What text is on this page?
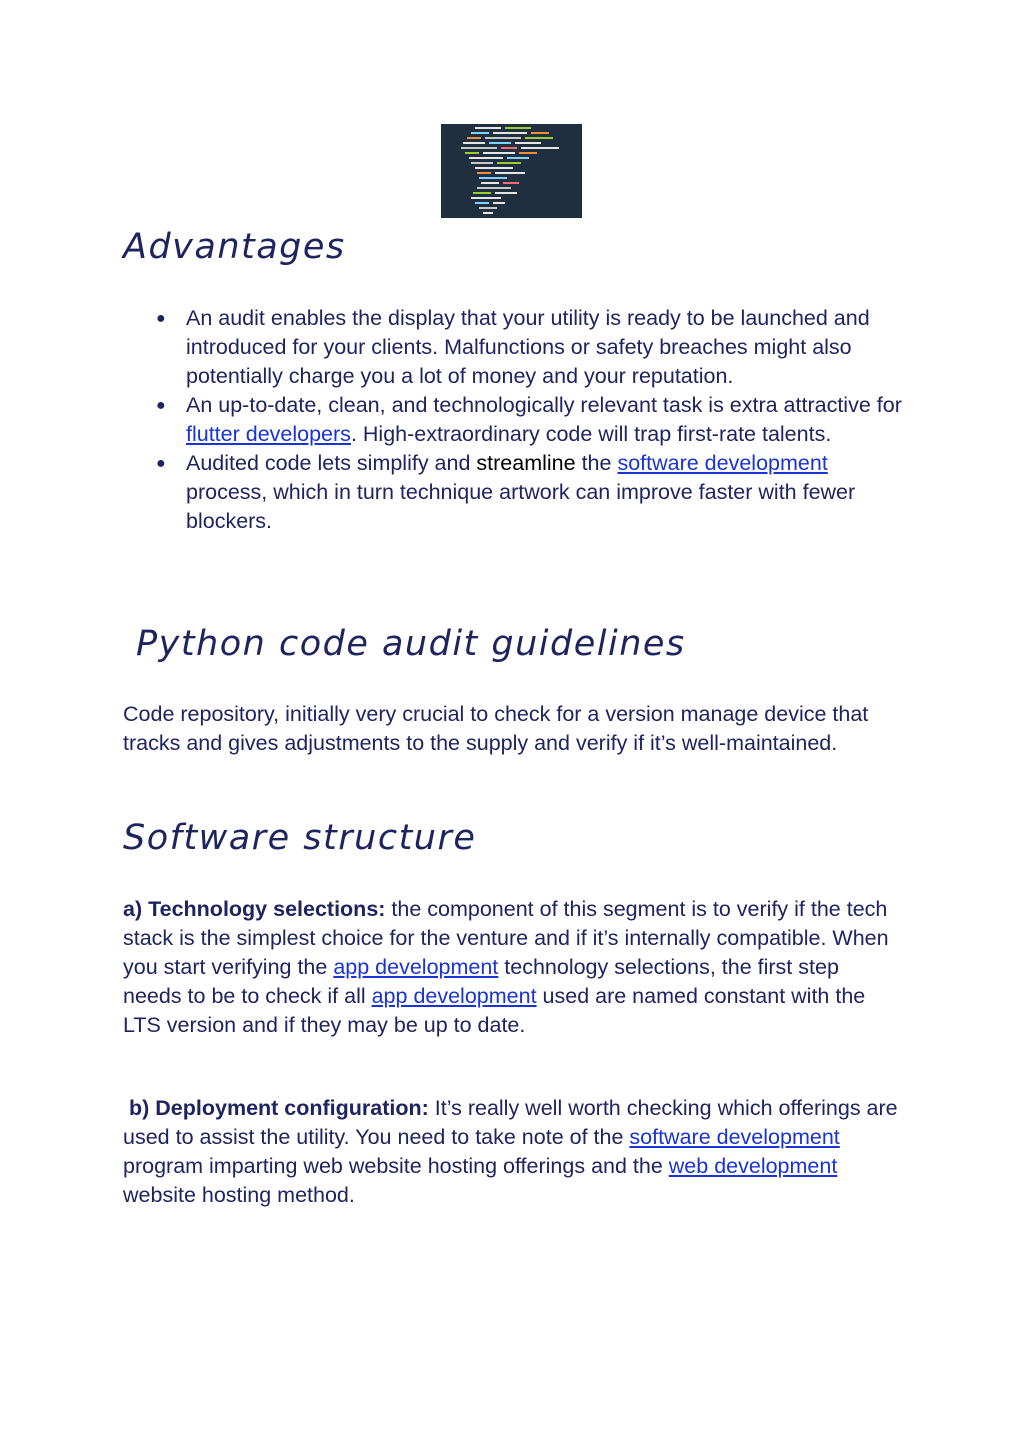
Advantages
● An audit enables the display that your utility is ready to be launched and introduced for your clients. Malfunctions or safety breaches might also potentially charge you a lot of money and your reputation.
● An up-to-date, clean, and technologically relevant task is extra attractive for flutter developers. High-extraordinary code will trap first-rate talents.
● Audited code lets simplify and streamline the software development process, which in turn technique artwork can improve faster with fewer blockers.
Python code audit guidelines

Code repository, initially very crucial to check for a version manage device that tracks and gives adjustments to the supply and verify if it’s well-maintained.

Software structure

a) Technology selections: the component of this segment is to verify if the tech stack is the simplest choice for the venture and if it’s internally compatible. When you start verifying the app development technology selections, the first step needs to be to check if all app development used are named constant with the LTS version and if they may be up to date.

b) Deployment configuration: It’s really well worth checking which offerings are used to assist the utility. You need to take note of the software development program imparting web website hosting offerings and the web development website hosting method.
